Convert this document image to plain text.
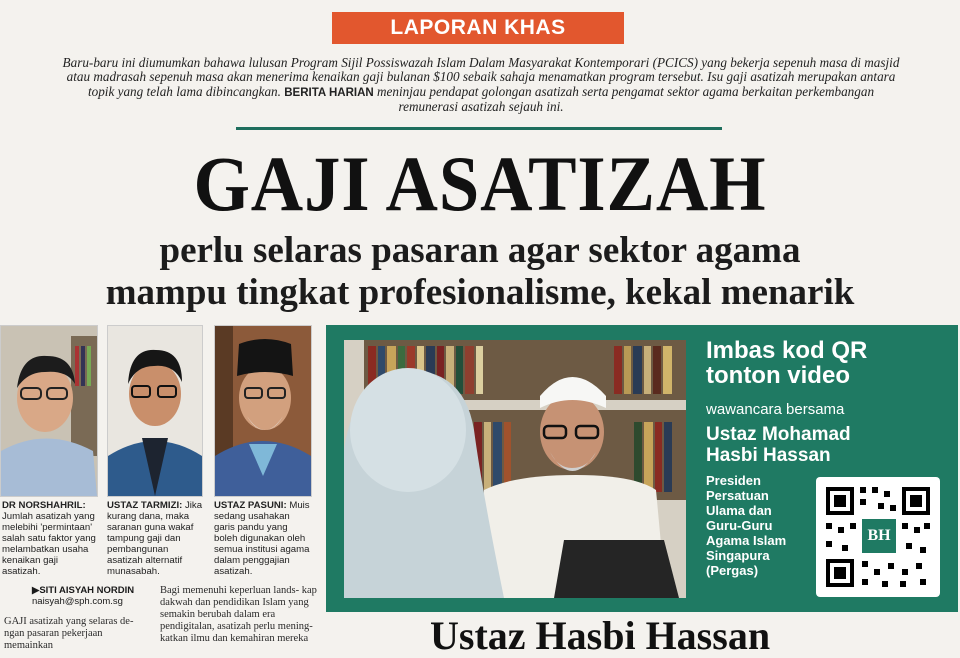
LAPORAN KHAS
Baru-baru ini diumumkan bahawa lulusan Program Sijil Possiswazah Islam Dalam Masyarakat Kontemporari (PCICS) yang bekerja sepenuh masa di masjid atau madrasah sepenuh masa akan menerima kenaikan gaji bulanan $100 sebaik sahaja menamatkan program tersebut. Isu gaji asatizah merupakan antara topik yang telah lama dibincangkan. BERITA HARIAN meninjau pendapat golongan asatizah serta pengamat sektor agama berkaitan perkembangan remunerasi asatizah sejauh ini.
GAJI ASATIZAH
perlu selaras pasaran agar sektor agama
mampu tingkat profesionalisme, kekal menarik
DR NORSHAHRIL: Jumlah asatizah yang melebihi 'permintaan' salah satu faktor yang melambatkan usaha kenaikan gaji asatizah.
USTAZ TARMIZI: Jika kurang dana, maka saranan guna wakaf tampung gaji dan pembangunan asatizah alternatif munasabah.
USTAZ PASUNI: Muis sedang usahakan garis pandu yang boleh digunakan oleh semua institusi agama dalam penggajian asatizah.
▶SITI AISYAH NORDIN
naisyah@sph.com.sg
GAJI asatizah yang selaras de- ngan pasaran pekerjaan memainkan
Bagi memenuhi keperluan lands- kap dakwah dan pendidikan Islam yang semakin berubah dalam era pendigitalan, asatizah perlu mening- katkan ilmu dan kemahiran mereka
Imbas kod QR tonton video
wawancara bersama
Ustaz Mohamad Hasbi Hassan
Presiden Persatuan Ulama dan Guru-Guru Agama Islam Singapura (Pergas)
BH
Ustaz Hasbi Hassan
